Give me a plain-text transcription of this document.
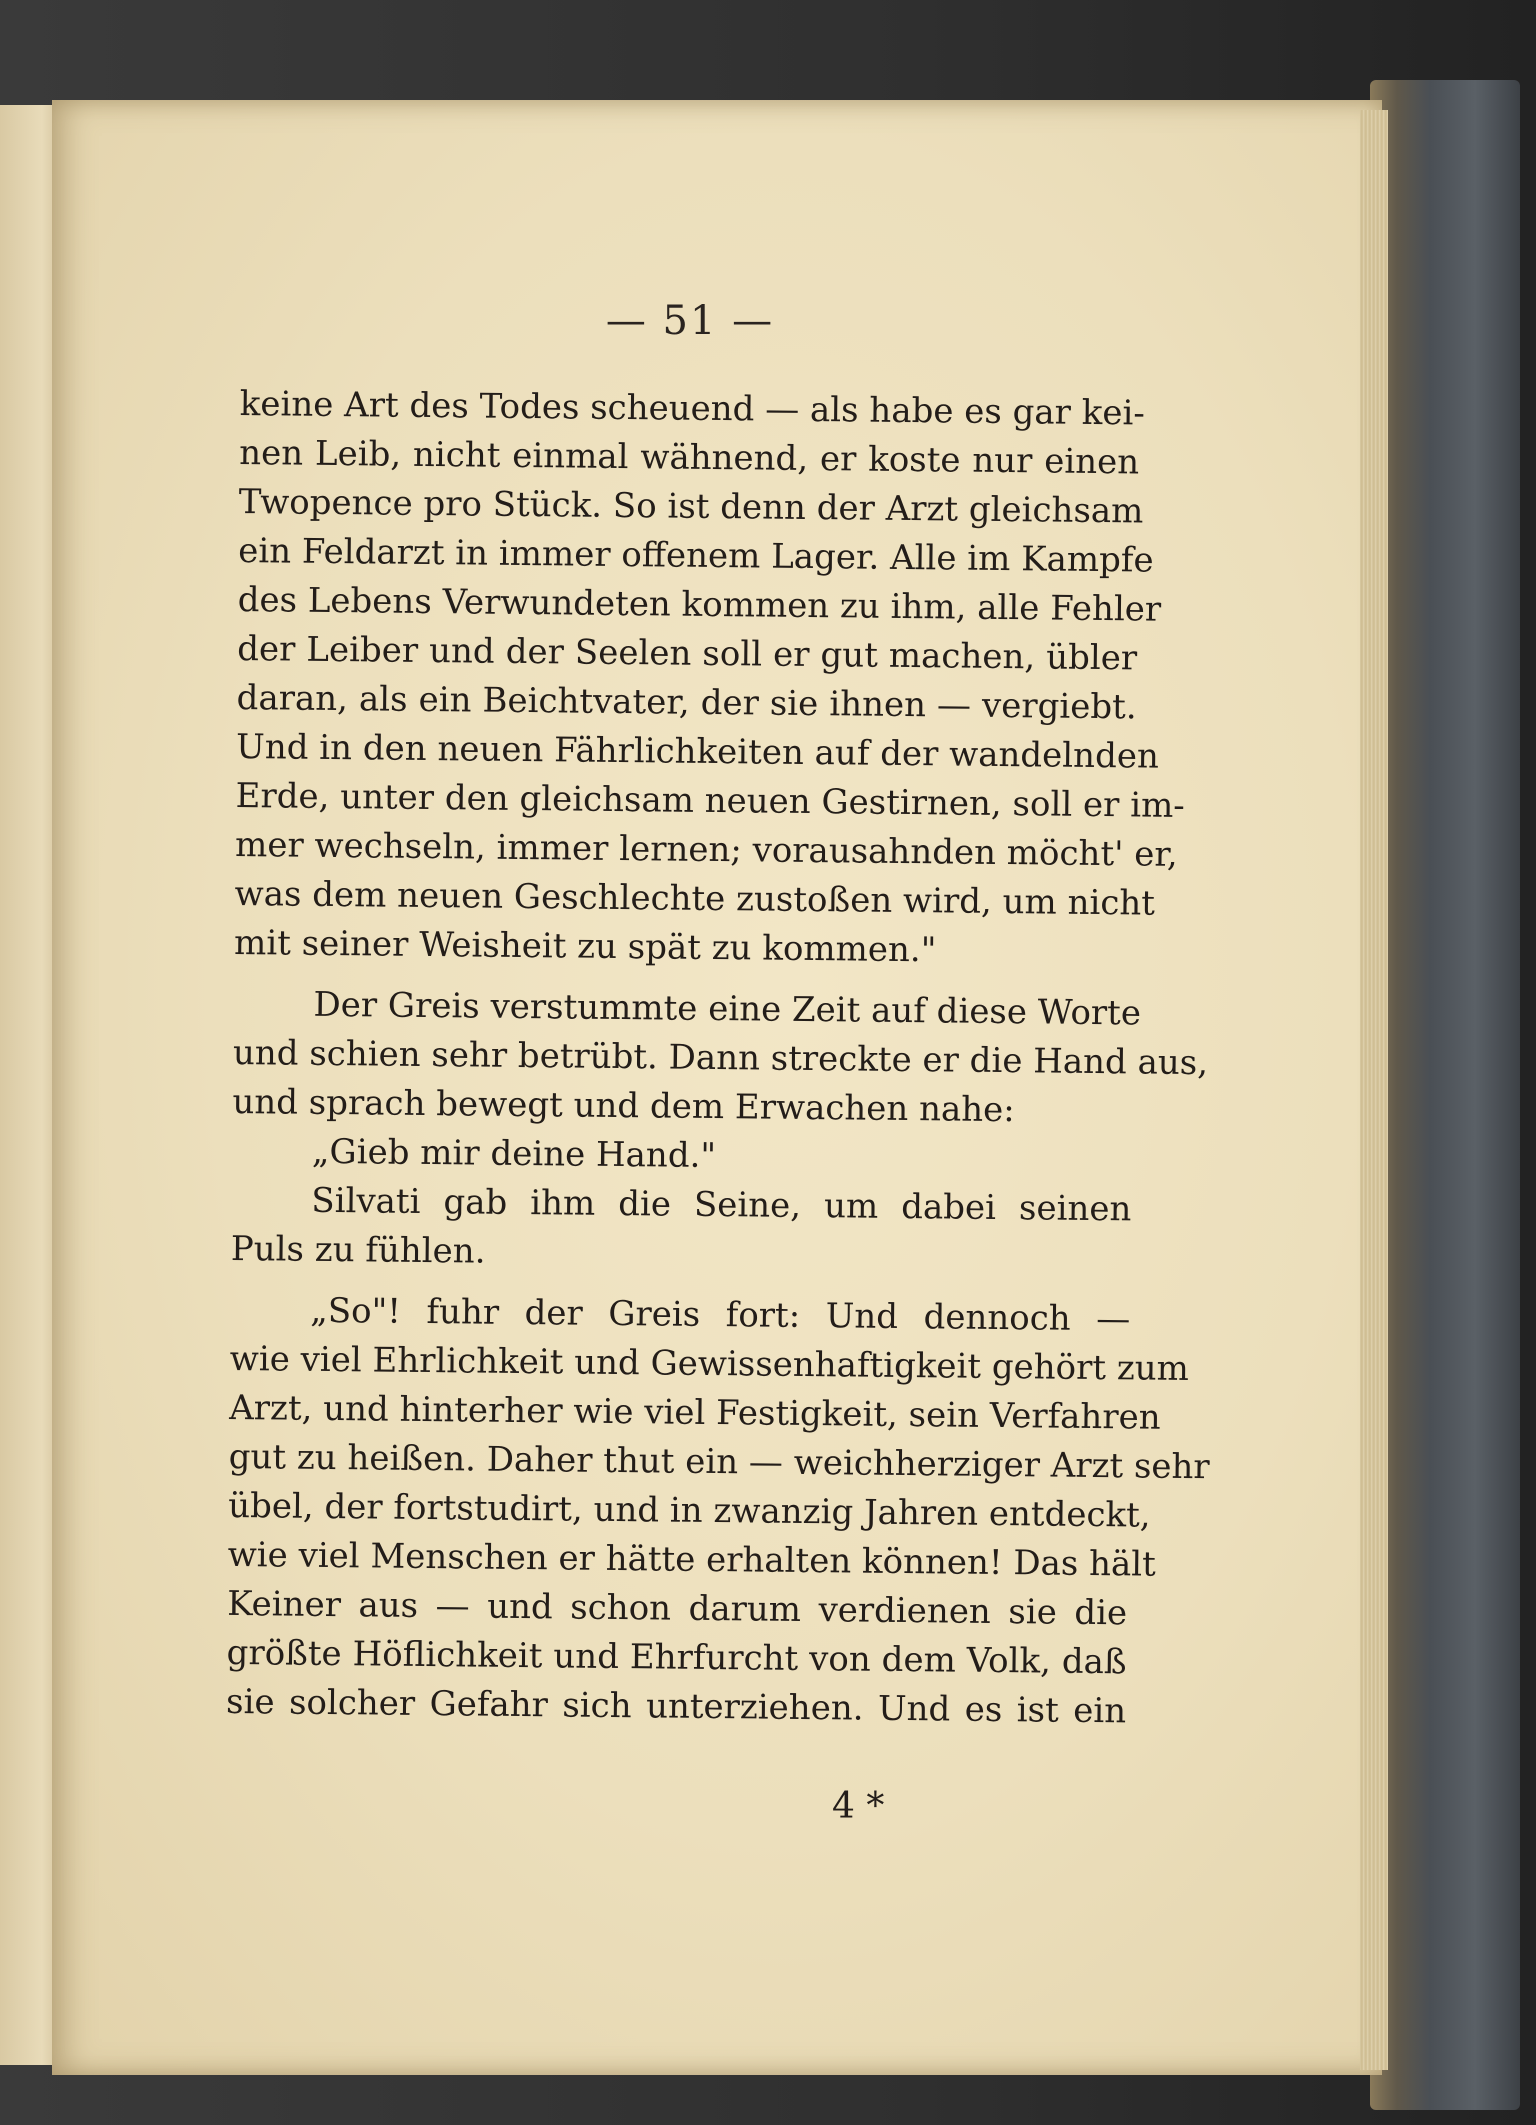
— 51 —
keine Art des Todes scheuend — als habe es gar kei-
nen Leib, nicht einmal wähnend, er koste nur einen
Twopence pro Stück. So ist denn der Arzt gleichsam
ein Feldarzt in immer offenem Lager. Alle im Kampfe
des Lebens Verwundeten kommen zu ihm, alle Fehler
der Leiber und der Seelen soll er gut machen, übler
daran, als ein Beichtvater, der sie ihnen — vergiebt.
Und in den neuen Fährlichkeiten auf der wandelnden
Erde, unter den gleichsam neuen Gestirnen, soll er im-
mer wechseln, immer lernen; vorausahnden möcht' er,
was dem neuen Geschlechte zustoßen wird, um nicht
mit seiner Weisheit zu spät zu kommen."
Der Greis verstummte eine Zeit auf diese Worte
und schien sehr betrübt. Dann streckte er die Hand aus,
und sprach bewegt und dem Erwachen nahe:
„Gieb mir deine Hand."
Silvati gab ihm die Seine, um dabei seinen
Puls zu fühlen.
„So"! fuhr der Greis fort: Und dennoch —
wie viel Ehrlichkeit und Gewissenhaftigkeit gehört zum
Arzt, und hinterher wie viel Festigkeit, sein Verfahren
gut zu heißen. Daher thut ein — weichherziger Arzt sehr
übel, der fortstudirt, und in zwanzig Jahren entdeckt,
wie viel Menschen er hätte erhalten können! Das hält
Keiner aus — und schon darum verdienen sie die
größte Höflichkeit und Ehrfurcht von dem Volk, daß
sie solcher Gefahr sich unterziehen. Und es ist ein
4 *
